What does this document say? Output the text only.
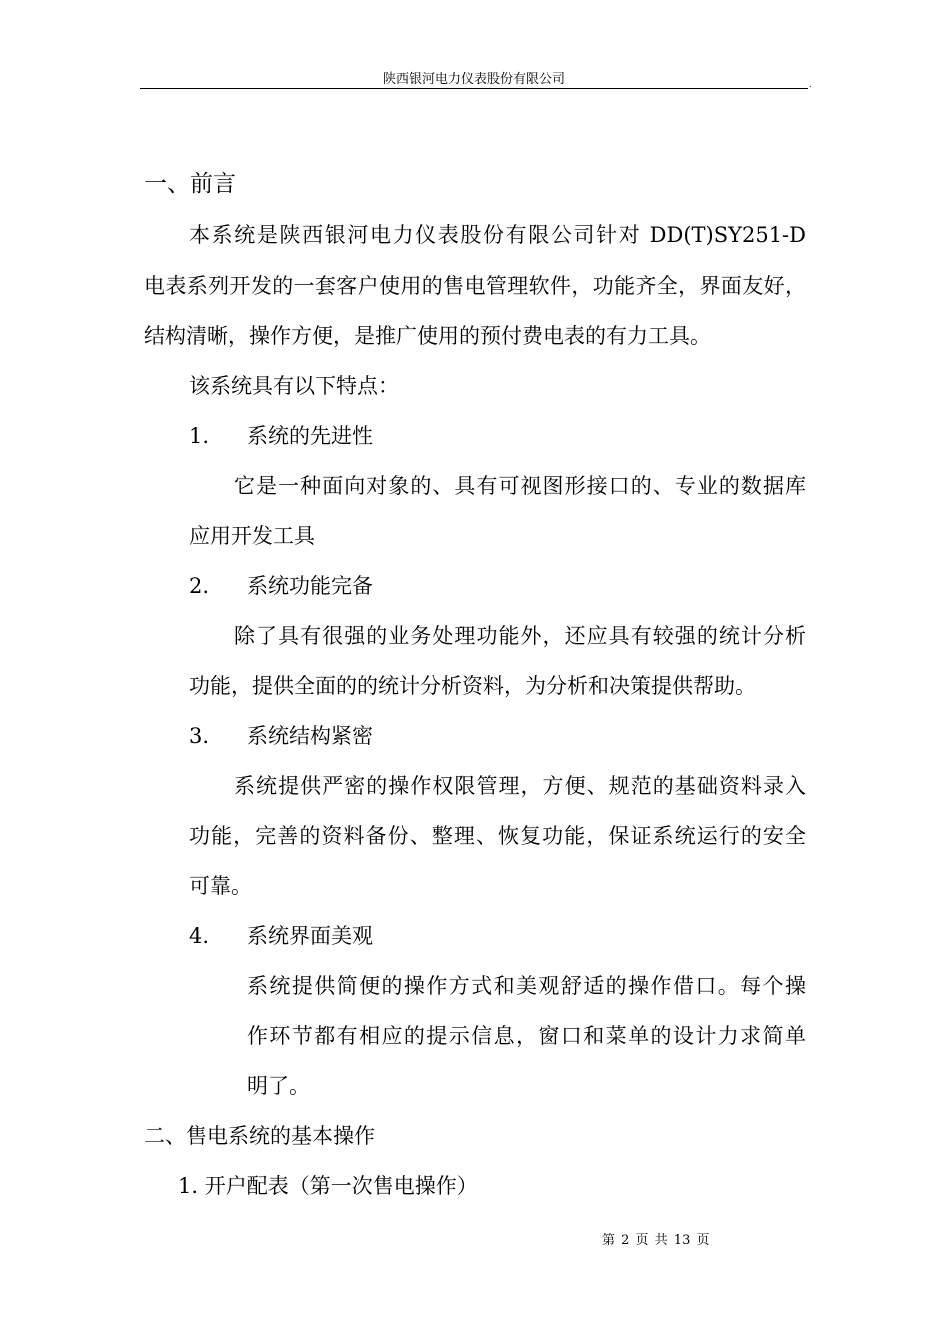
陕西银河电力仪表股份有限公司	.
一、前言
本系统是陕西银河电力仪表股份有限公司针对 DD(T)SY251-D
电表系列开发的一套客户使用的售电管理软件，功能齐全，界面友好，
结构清晰，操作方便，是推广使用的预付费电表的有力工具。
该系统具有以下特点：
1. 系统的先进性
它是一种面向对象的、具有可视图形接口的、专业的数据库
应用开发工具
2. 系统功能完备
除了具有很强的业务处理功能外，还应具有较强的统计分析
功能，提供全面的的统计分析资料，为分析和决策提供帮助。
3. 系统结构紧密
系统提供严密的操作权限管理，方便、规范的基础资料录入
功能，完善的资料备份、整理、恢复功能，保证系统运行的安全
可靠。
4. 系统界面美观
系统提供简便的操作方式和美观舒适的操作借口。每个操
作环节都有相应的提示信息，窗口和菜单的设计力求简单
明了。
二、售电系统的基本操作
1. 开户配表（第一次售电操作）
第 2 页 共 13 页
